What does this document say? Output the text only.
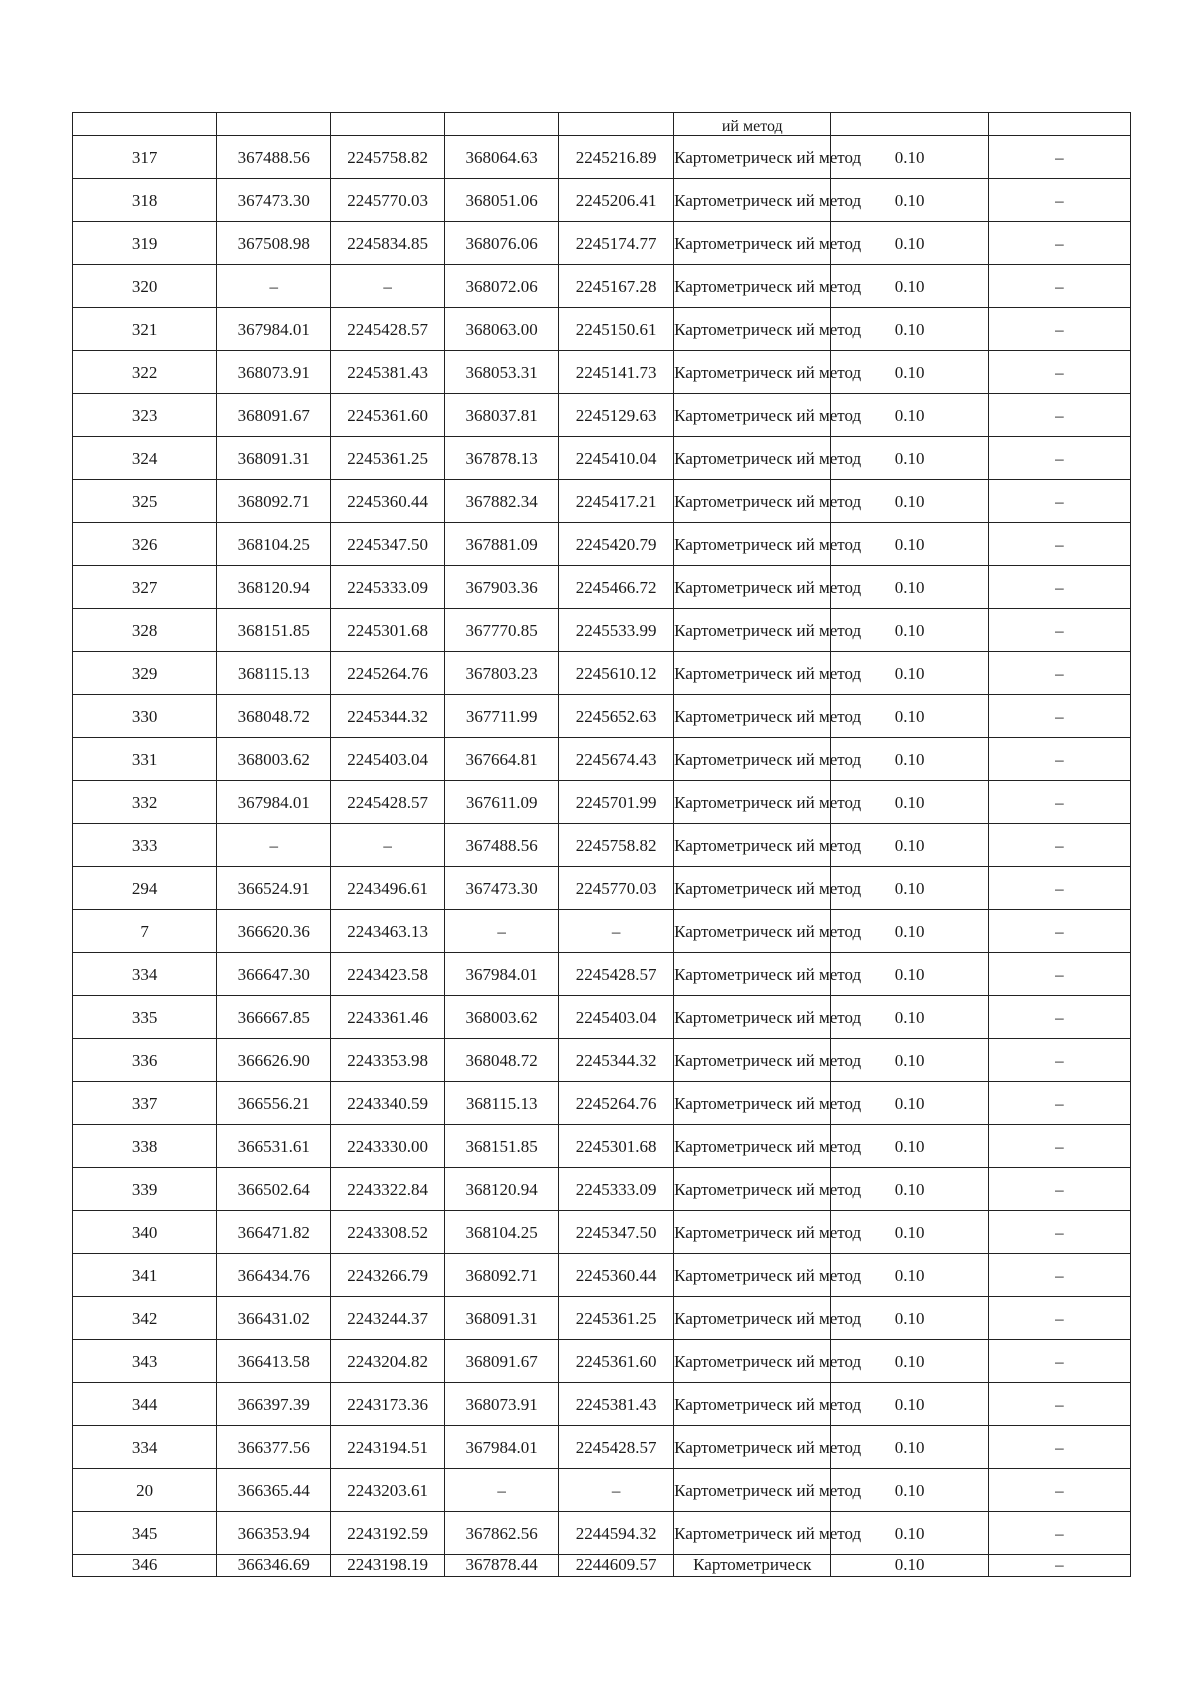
					ий метод		
317	367488.56	2245758.82	368064.63	2245216.89	Картометрическ ий метод	0.10	–
318	367473.30	2245770.03	368051.06	2245206.41	Картометрическ ий метод	0.10	–
319	367508.98	2245834.85	368076.06	2245174.77	Картометрическ ий метод	0.10	–
320	–	–	368072.06	2245167.28	Картометрическ ий метод	0.10	–
321	367984.01	2245428.57	368063.00	2245150.61	Картометрическ ий метод	0.10	–
322	368073.91	2245381.43	368053.31	2245141.73	Картометрическ ий метод	0.10	–
323	368091.67	2245361.60	368037.81	2245129.63	Картометрическ ий метод	0.10	–
324	368091.31	2245361.25	367878.13	2245410.04	Картометрическ ий метод	0.10	–
325	368092.71	2245360.44	367882.34	2245417.21	Картометрическ ий метод	0.10	–
326	368104.25	2245347.50	367881.09	2245420.79	Картометрическ ий метод	0.10	–
327	368120.94	2245333.09	367903.36	2245466.72	Картометрическ ий метод	0.10	–
328	368151.85	2245301.68	367770.85	2245533.99	Картометрическ ий метод	0.10	–
329	368115.13	2245264.76	367803.23	2245610.12	Картометрическ ий метод	0.10	–
330	368048.72	2245344.32	367711.99	2245652.63	Картометрическ ий метод	0.10	–
331	368003.62	2245403.04	367664.81	2245674.43	Картометрическ ий метод	0.10	–
332	367984.01	2245428.57	367611.09	2245701.99	Картометрическ ий метод	0.10	–
333	–	–	367488.56	2245758.82	Картометрическ ий метод	0.10	–
294	366524.91	2243496.61	367473.30	2245770.03	Картометрическ ий метод	0.10	–
7	366620.36	2243463.13	–	–	Картометрическ ий метод	0.10	–
334	366647.30	2243423.58	367984.01	2245428.57	Картометрическ ий метод	0.10	–
335	366667.85	2243361.46	368003.62	2245403.04	Картометрическ ий метод	0.10	–
336	366626.90	2243353.98	368048.72	2245344.32	Картометрическ ий метод	0.10	–
337	366556.21	2243340.59	368115.13	2245264.76	Картометрическ ий метод	0.10	–
338	366531.61	2243330.00	368151.85	2245301.68	Картометрическ ий метод	0.10	–
339	366502.64	2243322.84	368120.94	2245333.09	Картометрическ ий метод	0.10	–
340	366471.82	2243308.52	368104.25	2245347.50	Картометрическ ий метод	0.10	–
341	366434.76	2243266.79	368092.71	2245360.44	Картометрическ ий метод	0.10	–
342	366431.02	2243244.37	368091.31	2245361.25	Картометрическ ий метод	0.10	–
343	366413.58	2243204.82	368091.67	2245361.60	Картометрическ ий метод	0.10	–
344	366397.39	2243173.36	368073.91	2245381.43	Картометрическ ий метод	0.10	–
334	366377.56	2243194.51	367984.01	2245428.57	Картометрическ ий метод	0.10	–
20	366365.44	2243203.61	–	–	Картометрическ ий метод	0.10	–
345	366353.94	2243192.59	367862.56	2244594.32	Картометрическ ий метод	0.10	–
346	366346.69	2243198.19	367878.44	2244609.57	Картометрическ	0.10	–
